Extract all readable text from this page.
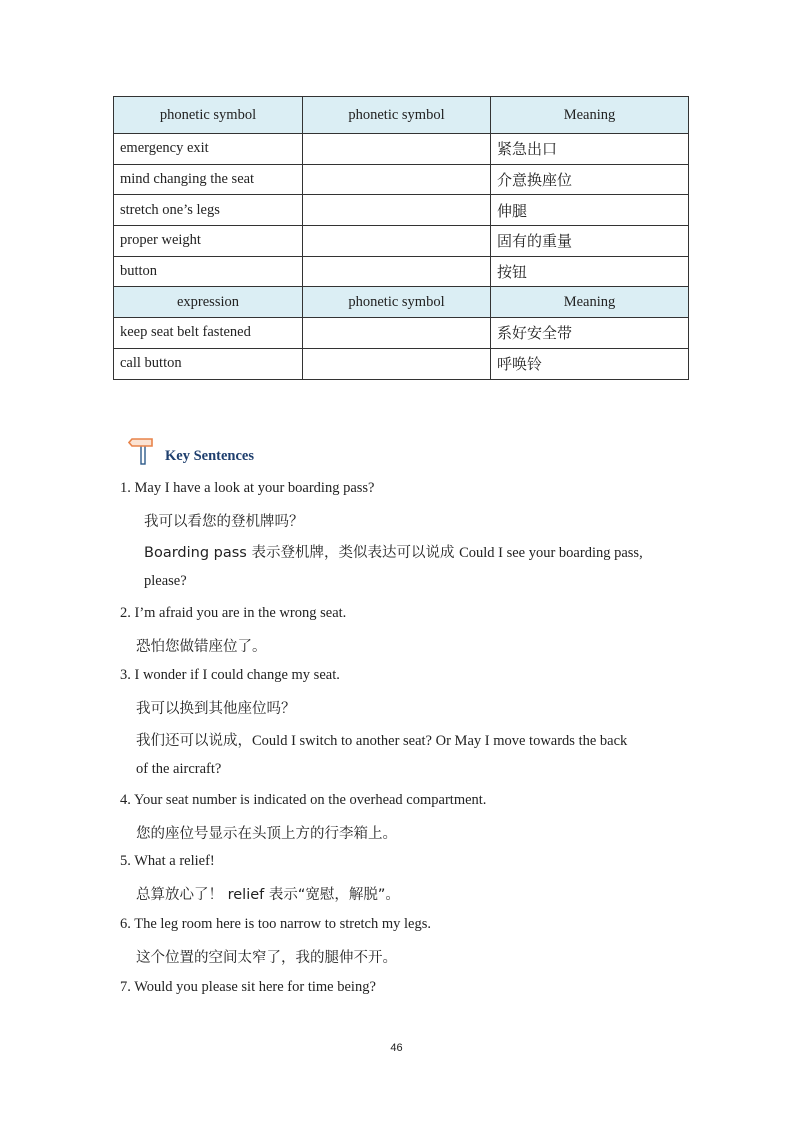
phonetic symbol	phonetic symbol	Meaning
emergency exit		紧急出口
mind changing the seat		介意换座位
stretch one’s legs		伸腿
proper weight		固有的重量
button		按钮
expression	phonetic symbol	Meaning
keep seat belt fastened		系好安全带
call button		呼唤铃
Key Sentences
1. May I have a look at your boarding pass?
我可以看您的登机牌吗？
Boarding pass 表示登机牌，类似表达可以说成 Could I see your boarding pass,
please?
2. I’m afraid you are in the wrong seat.
恐怕您做错座位了。
3. I wonder if I could change my seat.
我可以换到其他座位吗？
我们还可以说成，Could I switch to another seat? Or May I move towards the back
of the aircraft?
4. Your seat number is indicated on the overhead compartment.
您的座位号显示在头顶上方的行李箱上。
5. What a relief!
总算放心了！ relief 表示“宽慰，解脱”。
6. The leg room here is too narrow to stretch my legs.
这个位置的空间太窄了，我的腿伸不开。
7. Would you please sit here for time being?
46
